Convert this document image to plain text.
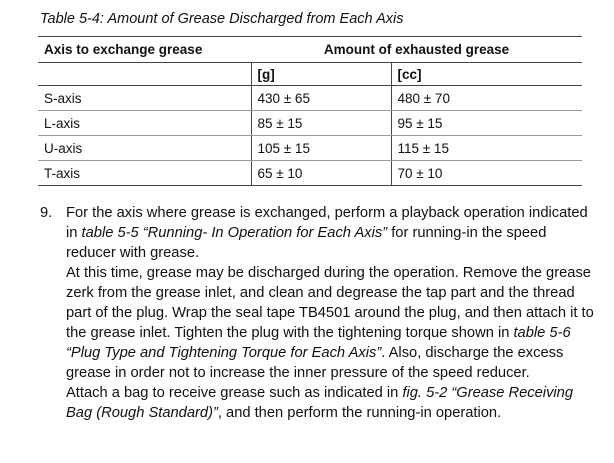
Table 5-4: Amount of Grease Discharged from Each Axis
Axis to exchange grease	Amount of exhausted grease	
	[g]	[cc]
S-axis	430 ± 65	480 ± 70
L-axis	85 ± 15	95 ± 15
U-axis	105 ± 15	115 ± 15
T-axis	65 ± 10	70 ± 10
9. For the axis where grease is exchanged, perform a playback operation indicated in table 5-5 “Running- In Operation for Each Axis” for running-in the speed reducer with grease.
At this time, grease may be discharged during the operation. Remove the grease zerk from the grease inlet, and clean and degrease the tap part and the thread part of the plug. Wrap the seal tape TB4501 around the plug, and then attach it to the grease inlet. Tighten the plug with the tightening torque shown in table 5-6 “Plug Type and Tightening Torque for Each Axis”. Also, discharge the excess grease in order not to increase the inner pressure of the speed reducer.
Attach a bag to receive grease such as indicated in fig. 5-2 “Grease Receiving Bag (Rough Standard)”, and then perform the running-in operation.
